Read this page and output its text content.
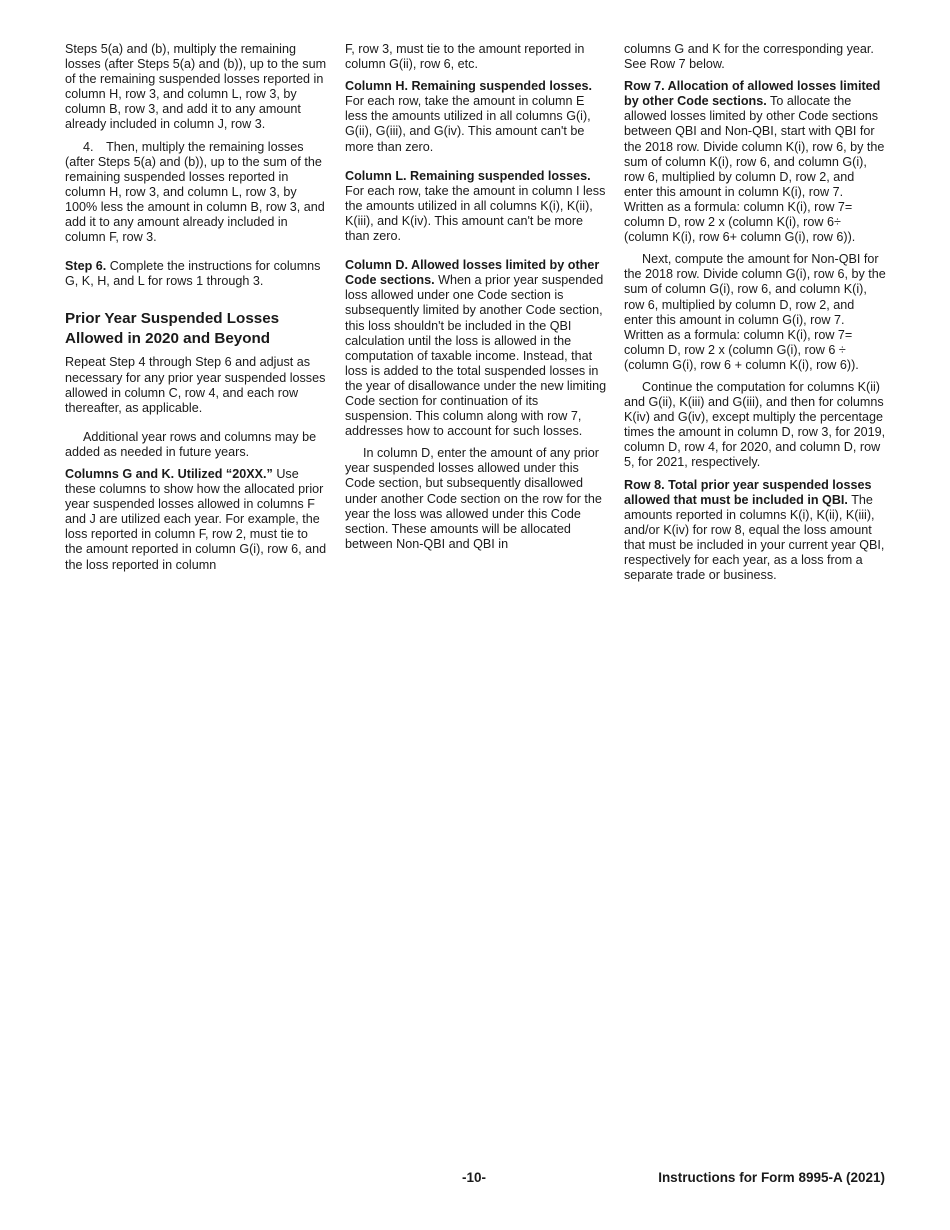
Steps 5(a) and (b), multiply the remaining losses (after Steps 5(a) and (b)), up to the sum of the remaining suspended losses reported in column H, row 3, and column L, row 3, by column B, row 3, and add it to any amount already included in column J, row 3.

4. Then, multiply the remaining losses (after Steps 5(a) and (b)), up to the sum of the remaining suspended losses reported in column H, row 3, and column L, row 3, by 100% less the amount in column B, row 3, and add it to any amount already included in column F, row 3.

Step 6. Complete the instructions for columns G, K, H, and L for rows 1 through 3.

Prior Year Suspended Losses Allowed in 2020 and Beyond

Repeat Step 4 through Step 6 and adjust as necessary for any prior year suspended losses allowed in column C, row 4, and each row thereafter, as applicable.

Additional year rows and columns may be added as needed in future years.

Columns G and K. Utilized “20XX.” Use these columns to show how the allocated prior year suspended losses allowed in columns F and J are utilized each year. For example, the loss reported in column F, row 2, must tie to the amount reported in column G(i), row 6, and the loss reported in column

F, row 3, must tie to the amount reported in column G(ii), row 6, etc.

Column H. Remaining suspended losses. For each row, take the amount in column E less the amounts utilized in all columns G(i), G(ii), G(iii), and G(iv). This amount can't be more than zero.

Column L. Remaining suspended losses. For each row, take the amount in column I less the amounts utilized in all columns K(i), K(ii), K(iii), and K(iv). This amount can't be more than zero.

Column D. Allowed losses limited by other Code sections. When a prior year suspended loss allowed under one Code section is subsequently limited by another Code section, this loss shouldn't be included in the QBI calculation until the loss is allowed in the computation of taxable income. Instead, that loss is added to the total suspended losses in the year of disallowance under the new limiting Code section for continuation of its suspension. This column along with row 7, addresses how to account for such losses.

In column D, enter the amount of any prior year suspended losses allowed under this Code section, but subsequently disallowed under another Code section on the row for the year the loss was allowed under this Code section. These amounts will be allocated between Non-QBI and QBI in

columns G and K for the corresponding year. See Row 7 below.

Row 7. Allocation of allowed losses limited by other Code sections. To allocate the allowed losses limited by other Code sections between QBI and Non-QBI, start with QBI for the 2018 row. Divide column K(i), row 6, by the sum of column K(i), row 6, and column G(i), row 6, multiplied by column D, row 2, and enter this amount in column K(i), row 7. Written as a formula: column K(i), row 7= column D, row 2 x (column K(i), row 6÷ (column K(i), row 6+ column G(i), row 6)).

Next, compute the amount for Non-QBI for the 2018 row. Divide column G(i), row 6, by the sum of column G(i), row 6, and column K(i), row 6, multiplied by column D, row 2, and enter this amount in column G(i), row 7. Written as a formula: column K(i), row 7= column D, row 2 x (column G(i), row 6 ÷ (column G(i), row 6 + column K(i), row 6)).

Continue the computation for columns K(ii) and G(ii), K(iii) and G(iii), and then for columns K(iv) and G(iv), except multiply the percentage times the amount in column D, row 3, for 2019, column D, row 4, for 2020, and column D, row 5, for 2021, respectively.

Row 8. Total prior year suspended losses allowed that must be included in QBI. The amounts reported in columns K(i), K(ii), K(iii), and/or K(iv) for row 8, equal the loss amount that must be included in your current year QBI, respectively for each year, as a loss from a separate trade or business.

-10-	Instructions for Form 8995-A (2021)
